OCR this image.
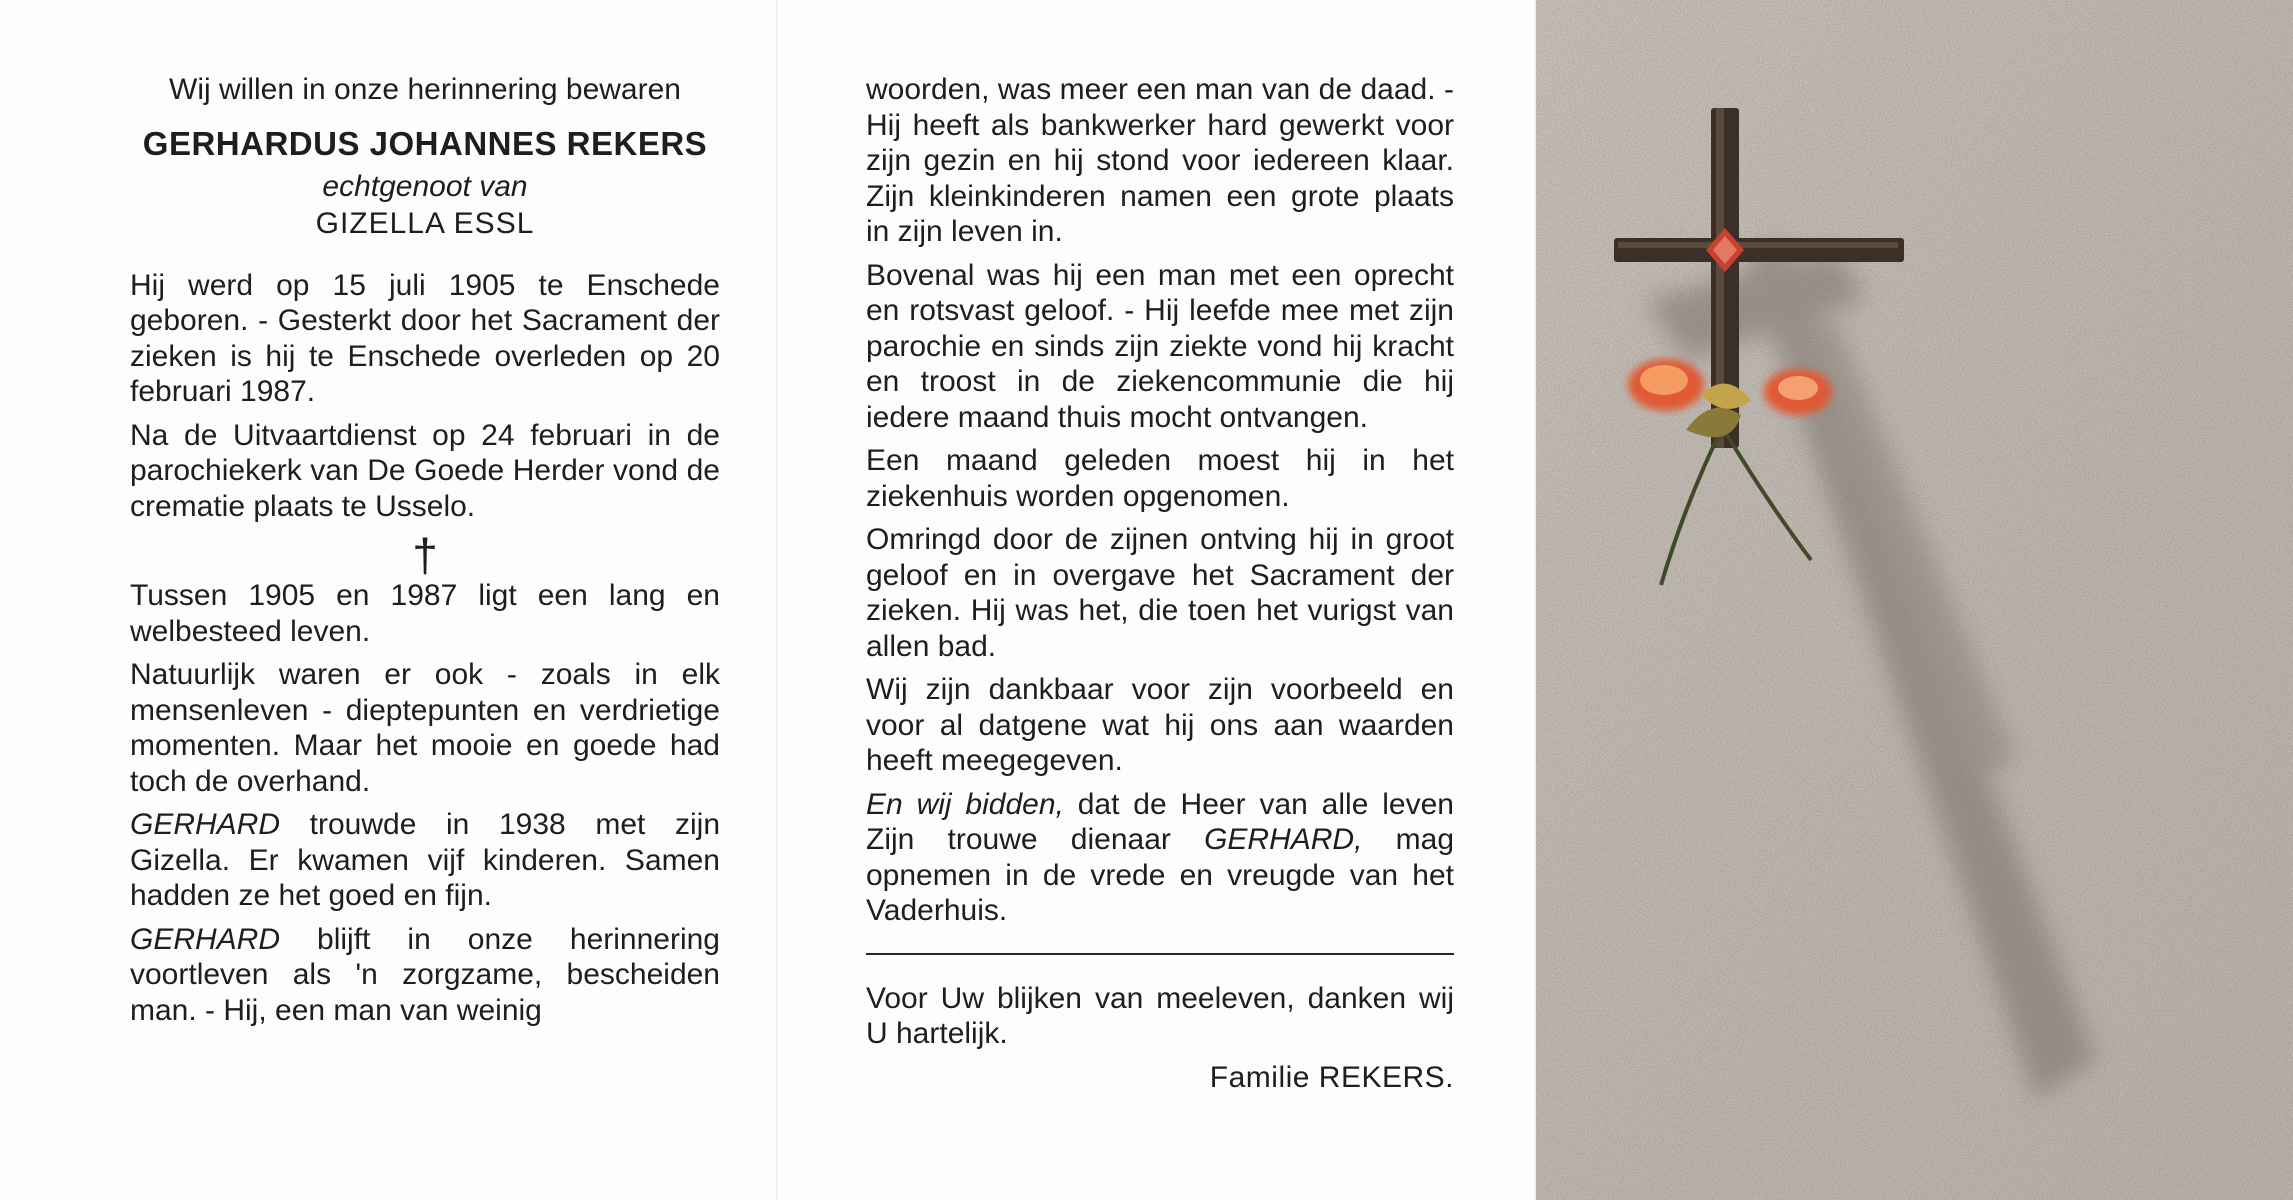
Wij willen in onze herinnering bewaren

GERHARDUS JOHANNES REKERS

echtgenoot van

GIZELLA ESSL

Hij werd op 15 juli 1905 te Enschede geboren. - Gesterkt door het Sacrament der zieken is hij te Enschede overleden op 20 februari 1987.

Na de Uitvaartdienst op 24 februari in de parochiekerk van De Goede Herder vond de crematie plaats te Usselo.

†

Tussen 1905 en 1987 ligt een lang en welbesteed leven.

Natuurlijk waren er ook - zoals in elk mensenleven - dieptepunten en verdrietige momenten. Maar het mooie en goede had toch de overhand.

GERHARD trouwde in 1938 met zijn Gizella. Er kwamen vijf kinderen. Samen hadden ze het goed en fijn.

GERHARD blijft in onze herinnering voortleven als 'n zorgzame, bescheiden man. - Hij, een man van weinig

woorden, was meer een man van de daad. - Hij heeft als bankwerker hard gewerkt voor zijn gezin en hij stond voor iedereen klaar. Zijn kleinkinderen namen een grote plaats in zijn leven in.

Bovenal was hij een man met een oprecht en rotsvast geloof. - Hij leefde mee met zijn parochie en sinds zijn ziekte vond hij kracht en troost in de ziekencommunie die hij iedere maand thuis mocht ontvangen.

Een maand geleden moest hij in het ziekenhuis worden opgenomen.

Omringd door de zijnen ontving hij in groot geloof en in overgave het Sacrament der zieken. Hij was het, die toen het vurigst van allen bad.

Wij zijn dankbaar voor zijn voorbeeld en voor al datgene wat hij ons aan waarden heeft meegegeven.

En wij bidden, dat de Heer van alle leven Zijn trouwe dienaar GERHARD, mag opnemen in de vrede en vreugde van het Vaderhuis.

Voor Uw blijken van meeleven, danken wij U hartelijk.

Familie REKERS.
